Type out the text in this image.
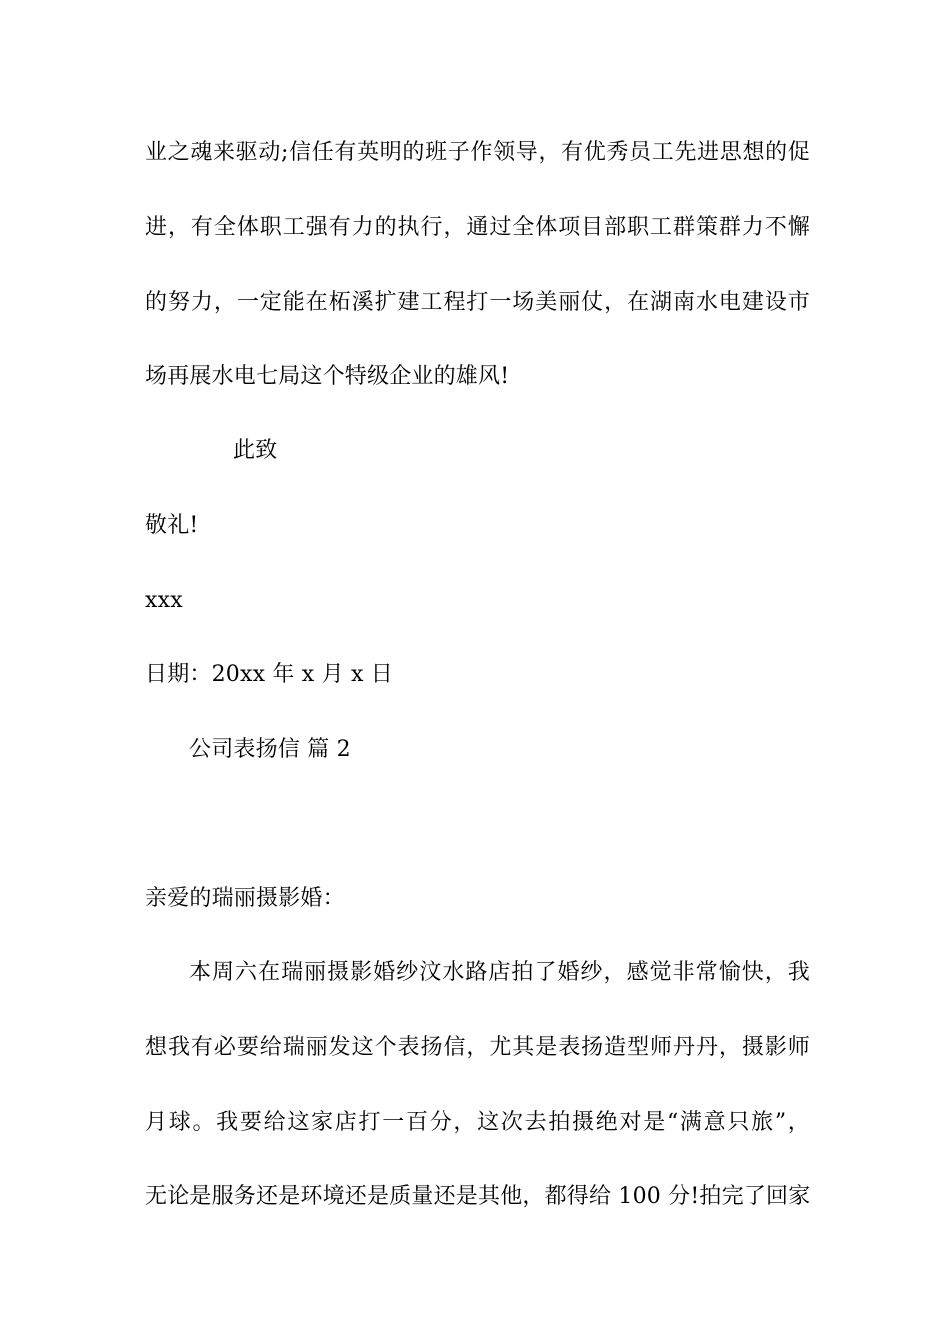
业之魂来驱动;信任有英明的班子作领导，有优秀员工先进思想的促
进，有全体职工强有力的执行，通过全体项目部职工群策群力不懈
的努力，一定能在柘溪扩建工程打一场美丽仗，在湖南水电建设市
场再展水电七局这个特级企业的雄风!
此致
敬礼!
xxx
日期：20xx 年 x 月 x 日
公司表扬信 篇 2
亲爱的瑞丽摄影婚：
本周六在瑞丽摄影婚纱汶水路店拍了婚纱，感觉非常愉快，我
想我有必要给瑞丽发这个表扬信，尤其是表扬造型师丹丹，摄影师
月球。我要给这家店打一百分，这次去拍摄绝对是“满意只旅”，
无论是服务还是环境还是质量还是其他，都得给 100 分!拍完了回家
